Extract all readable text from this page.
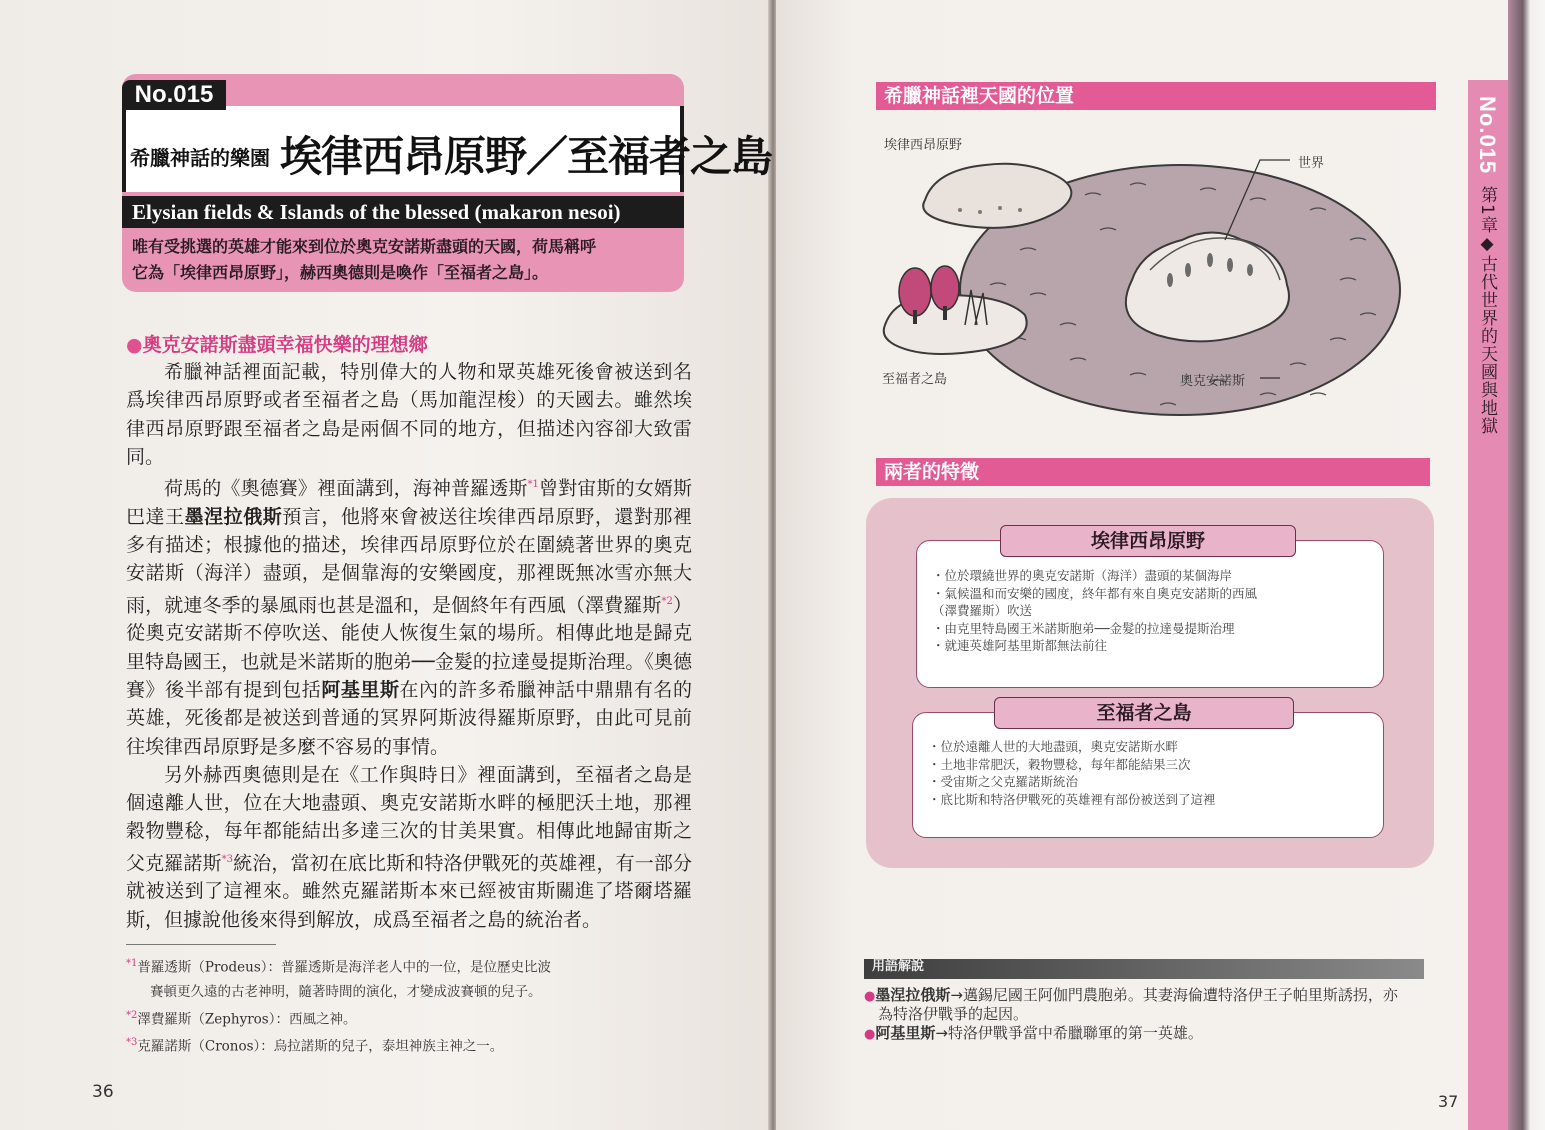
No.015
希臘神話的樂園 埃律西昂原野／至福者之島
Elysian fields & Islands of the blessed (makaron nesoi)
唯有受挑選的英雄才能來到位於奧克安諾斯盡頭的天國，荷馬稱呼
它為「埃律西昂原野」，赫西奧德則是喚作「至福者之島」。
●奧克安諾斯盡頭幸福快樂的理想鄉

希臘神話裡面記載，特別偉大的人物和眾英雄死後會被送到名爲埃律西昂原野或者至福者之島（馬加龍涅梭）的天國去。雖然埃律西昂原野跟至福者之島是兩個不同的地方，但描述內容卻大致雷同。

荷馬的《奧德賽》裡面講到，海神普羅透斯$^{*1}$曾對宙斯的女婿斯巴達王墨涅拉俄斯預言，他將來會被送往埃律西昂原野，還對那裡多有描述；根據他的描述，埃律西昂原野位於在圍繞著世界的奧克安諾斯（海洋）盡頭，是個靠海的安樂國度，那裡既無冰雪亦無大雨，就連冬季的暴風雨也甚是溫和，是個終年有西風（澤費羅斯$^{*2}$）從奧克安諾斯不停吹送、能使人恢復生氣的場所。相傳此地是歸克里特島國王，也就是米諾斯的胞弟──金髮的拉達曼提斯治理。《奧德賽》後半部有提到包括阿基里斯在內的許多希臘神話中鼎鼎有名的英雄，死後都是被送到普通的冥界阿斯波得羅斯原野，由此可見前往埃律西昂原野是多麼不容易的事情。

另外赫西奧德則是在《工作與時日》裡面講到，至福者之島是個遠離人世，位在大地盡頭、奧克安諾斯水畔的極肥沃土地，那裡穀物豐稔，每年都能結出多達三次的甘美果實。相傳此地歸宙斯之父克羅諾斯$^{*3}$統治，當初在底比斯和特洛伊戰死的英雄裡，有一部分就被送到了這裡來。雖然克羅諾斯本來已經被宙斯關進了塔爾塔羅斯，但據說他後來得到解放，成爲至福者之島的統治者。

$^{*1}$普羅透斯（Prodeus）：普羅透斯是海洋老人中的一位，是位歷史比波
賽頓更久遠的古老神明，隨著時間的演化，才變成波賽頓的兒子。
$^{*2}$澤費羅斯（Zephyros）：西風之神。
$^{*3}$克羅諾斯（Cronos）：烏拉諾斯的兒子，泰坦神族主神之一。
36
希臘神話裡天國的位置
埃律西昂原野
世界
至福者之島	奧克安諾斯
兩者的特徵
埃律西昂原野
・位於環繞世界的奧克安諾斯（海洋）盡頭的某個海岸
・氣候溫和而安樂的國度，終年都有來自奧克安諾斯的西風
（澤費羅斯）吹送
・由克里特島國王米諾斯胞弟──金髮的拉達曼提斯治理
・就連英雄阿基里斯都無法前往
至福者之島
・位於遠離人世的大地盡頭，奧克安諾斯水畔
・土地非常肥沃，穀物豐稔，每年都能結果三次
・受宙斯之父克羅諾斯統治
・底比斯和特洛伊戰死的英雄裡有部份被送到了這裡
用語解說
●墨涅拉俄斯→邁錫尼國王阿伽門農胞弟。其妻海倫遭特洛伊王子帕里斯誘拐，亦
為特洛伊戰爭的起因。
●阿基里斯→特洛伊戰爭當中希臘聯軍的第一英雄。
No.015
第1章◆古代世界的天國與地獄
37
